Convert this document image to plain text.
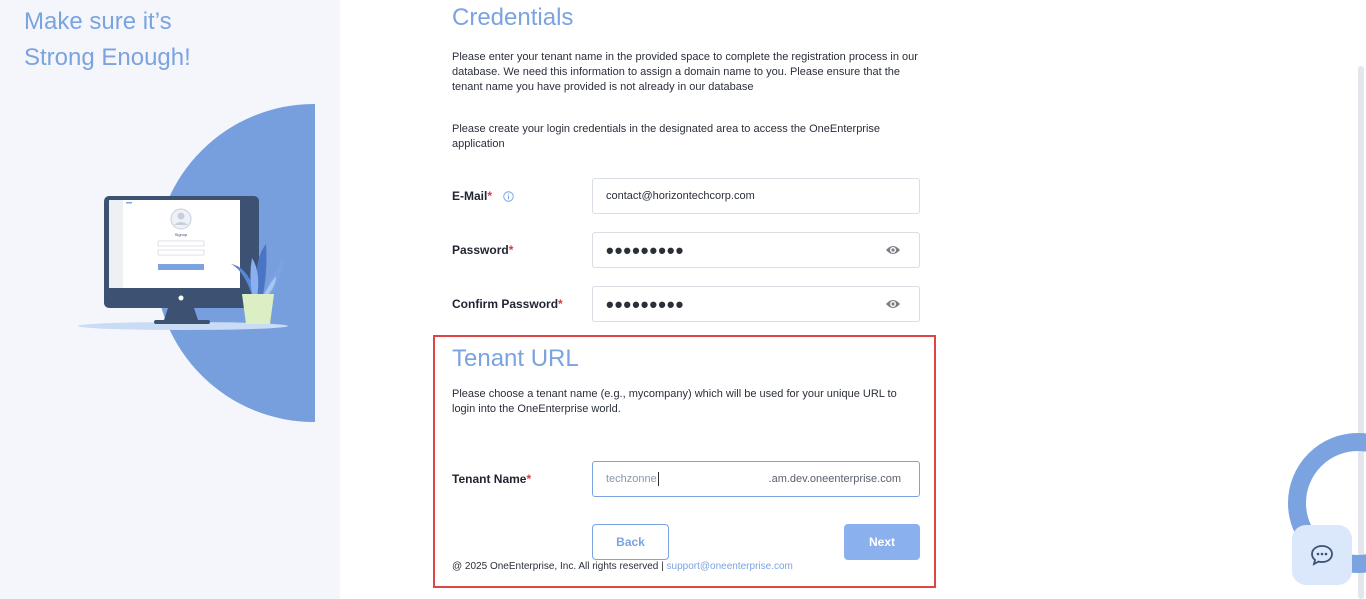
Make sure it’s
Strong Enough!
Signup
Credentials
Please enter your tenant name in the provided space to complete the registration process in our database. We need this information to assign a domain name to you. Please ensure that the tenant name you have provided is not already in our database
Please create your login credentials in the designated area to access the OneEnterprise application
E-Mail*	contact@horizontechcorp.com
Password*	•••••••••
Confirm Password* •••••••••
Tenant URL
Please choose a tenant name (e.g., mycompany) which will be used for your unique URL to login into the OneEnterprise world.
Tenant Name*	techzonne	.am.dev.oneenterprise.com
Back	Next
@ 2025 OneEnterprise, Inc. All rights reserved | support@oneenterprise.com
